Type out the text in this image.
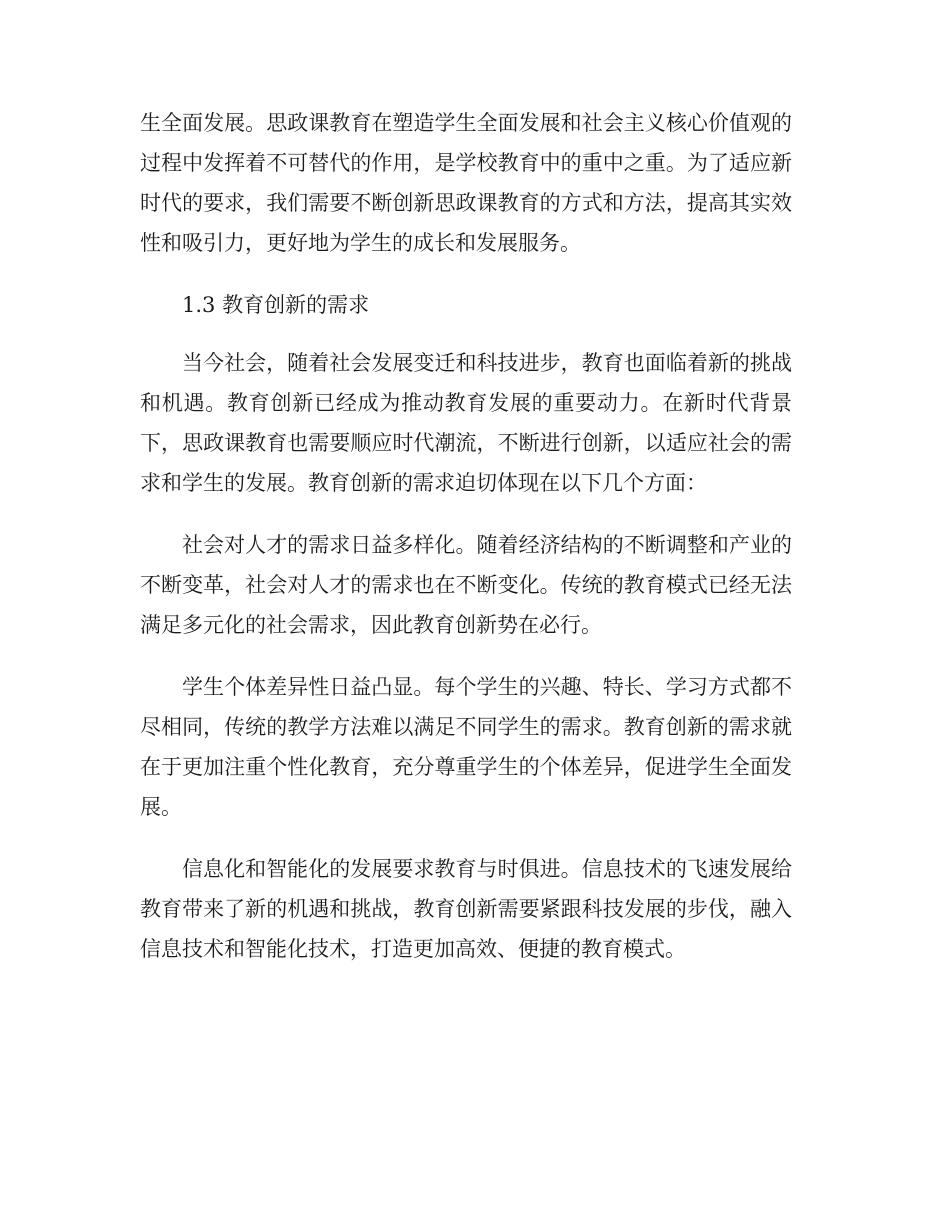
生全面发展。思政课教育在塑造学生全面发展和社会主义核心价值观的过程中发挥着不可替代的作用，是学校教育中的重中之重。为了适应新时代的要求，我们需要不断创新思政课教育的方式和方法，提高其实效性和吸引力，更好地为学生的成长和发展服务。

1.3 教育创新的需求

当今社会，随着社会发展变迁和科技进步，教育也面临着新的挑战和机遇。教育创新已经成为推动教育发展的重要动力。在新时代背景下，思政课教育也需要顺应时代潮流，不断进行创新，以适应社会的需求和学生的发展。教育创新的需求迫切体现在以下几个方面：

社会对人才的需求日益多样化。随着经济结构的不断调整和产业的不断变革，社会对人才的需求也在不断变化。传统的教育模式已经无法满足多元化的社会需求，因此教育创新势在必行。

学生个体差异性日益凸显。每个学生的兴趣、特长、学习方式都不尽相同，传统的教学方法难以满足不同学生的需求。教育创新的需求就在于更加注重个性化教育，充分尊重学生的个体差异，促进学生全面发展。

信息化和智能化的发展要求教育与时俱进。信息技术的飞速发展给教育带来了新的机遇和挑战，教育创新需要紧跟科技发展的步伐，融入信息技术和智能化技术，打造更加高效、便捷的教育模式。
